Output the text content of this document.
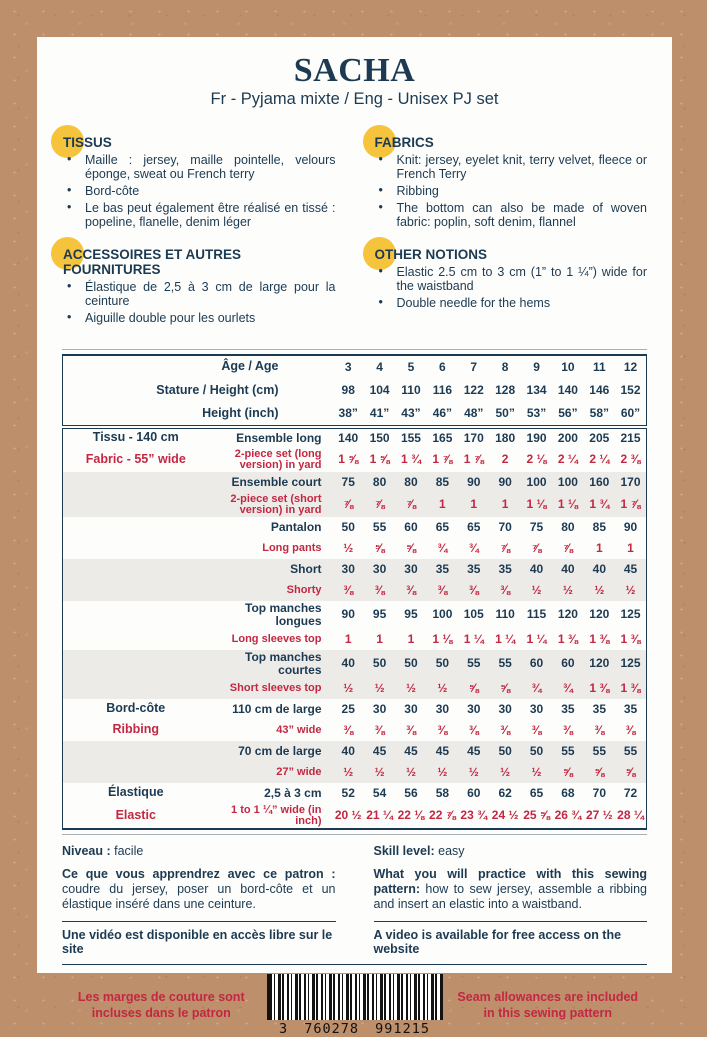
SACHA
Fr - Pyjama mixte / Eng - Unisex PJ set
TISSUS
• Maille : jersey, maille pointelle, velours éponge, sweat ou French terry
• Bord-côte
• Le bas peut également être réalisé en tissé : popeline, flanelle, denim léger
ACCESSOIRES ET AUTRES FOURNITURES
• Élastique de 2,5 à 3 cm de large pour la ceinture
• Aiguille double pour les ourlets
FABRICS
• Knit: jersey, eyelet knit, terry velvet, fleece or French Terry
• Ribbing
• The bottom can also be made of woven fabric: poplin, soft denim, flannel
OTHER NOTIONS
• Elastic 2.5 cm to 3 cm (1” to 1 ¼”) wide for the waistband
• Double needle for the hems
Âge / Age		3	4	5	6	7	8	9	10	11	12
Stature / Height (cm)		98	104	110	116	122	128	134	140	146	152
Height (inch)		38”	41”	43”	46”	48”	50”	53”	56”	58”	60”
Tissu - 140 cm	Ensemble long	140	150	155	165	170	180	190	200	205	215
Fabric - 55” wide	2-piece set (long version) in yard	1 ⅝	1 ⅝	1 ¾	1 ⅞	1 ⅞	2	2 ⅛	2 ¼	2 ¼	2 ⅜
	Ensemble court	75	80	80	85	90	90	100	100	160	170
	2-piece set (short version) in yard	⅞	⅞	⅞	1	1	1	1 ⅛	1 ⅛	1 ¾	1 ⅞
	Pantalon	50	55	60	65	65	70	75	80	85	90
	Long pants	½	⅝	⅝	¾	¾	⅞	⅞	⅞	1	1
	Short	30	30	30	35	35	35	40	40	40	45
	Shorty	⅜	⅜	⅜	⅜	⅜	⅜	½	½	½	½
	Top manches longues	90	95	95	100	105	110	115	120	120	125
	Long sleeves top	1	1	1	1 ⅛	1 ¼	1 ¼	1 ¼	1 ⅜	1 ⅜	1 ⅜
	Top manches courtes	40	50	50	50	55	55	60	60	120	125
	Short sleeves top	½	½	½	½	⅝	⅝	¾	¾	1 ⅜	1 ⅜
Bord-côte	110 cm de large	25	30	30	30	30	30	30	35	35	35
Ribbing	43” wide	⅜	⅜	⅜	⅜	⅜	⅜	⅜	⅜	⅜	⅜
	70 cm de large	40	45	45	45	45	50	50	55	55	55
	27” wide	½	½	½	½	½	½	½	⅝	⅝	⅝
Élastique	2,5 à 3 cm	52	54	56	58	60	62	65	68	70	72
Elastic	1 to 1 ¼” wide (in inch)	20 ½	21 ¼	22 ⅛	22 ⅞	23 ¾	24 ½	25 ⅝	26 ¾	27 ½	28 ¼
Niveau : facile
Ce que vous apprendrez avec ce patron : coudre du jersey, poser un bord-côte et un élastique inséré dans une ceinture.
Skill level: easy
What you will practice with this sewing pattern: how to sew jersey, assemble a ribbing and insert an elastic into a waistband.
Une vidéo est disponible en accès libre sur le site
A video is available for free access on the website
Les marges de couture sont incluses dans le patron
3 760278 991215
Seam allowances are included in this sewing pattern
